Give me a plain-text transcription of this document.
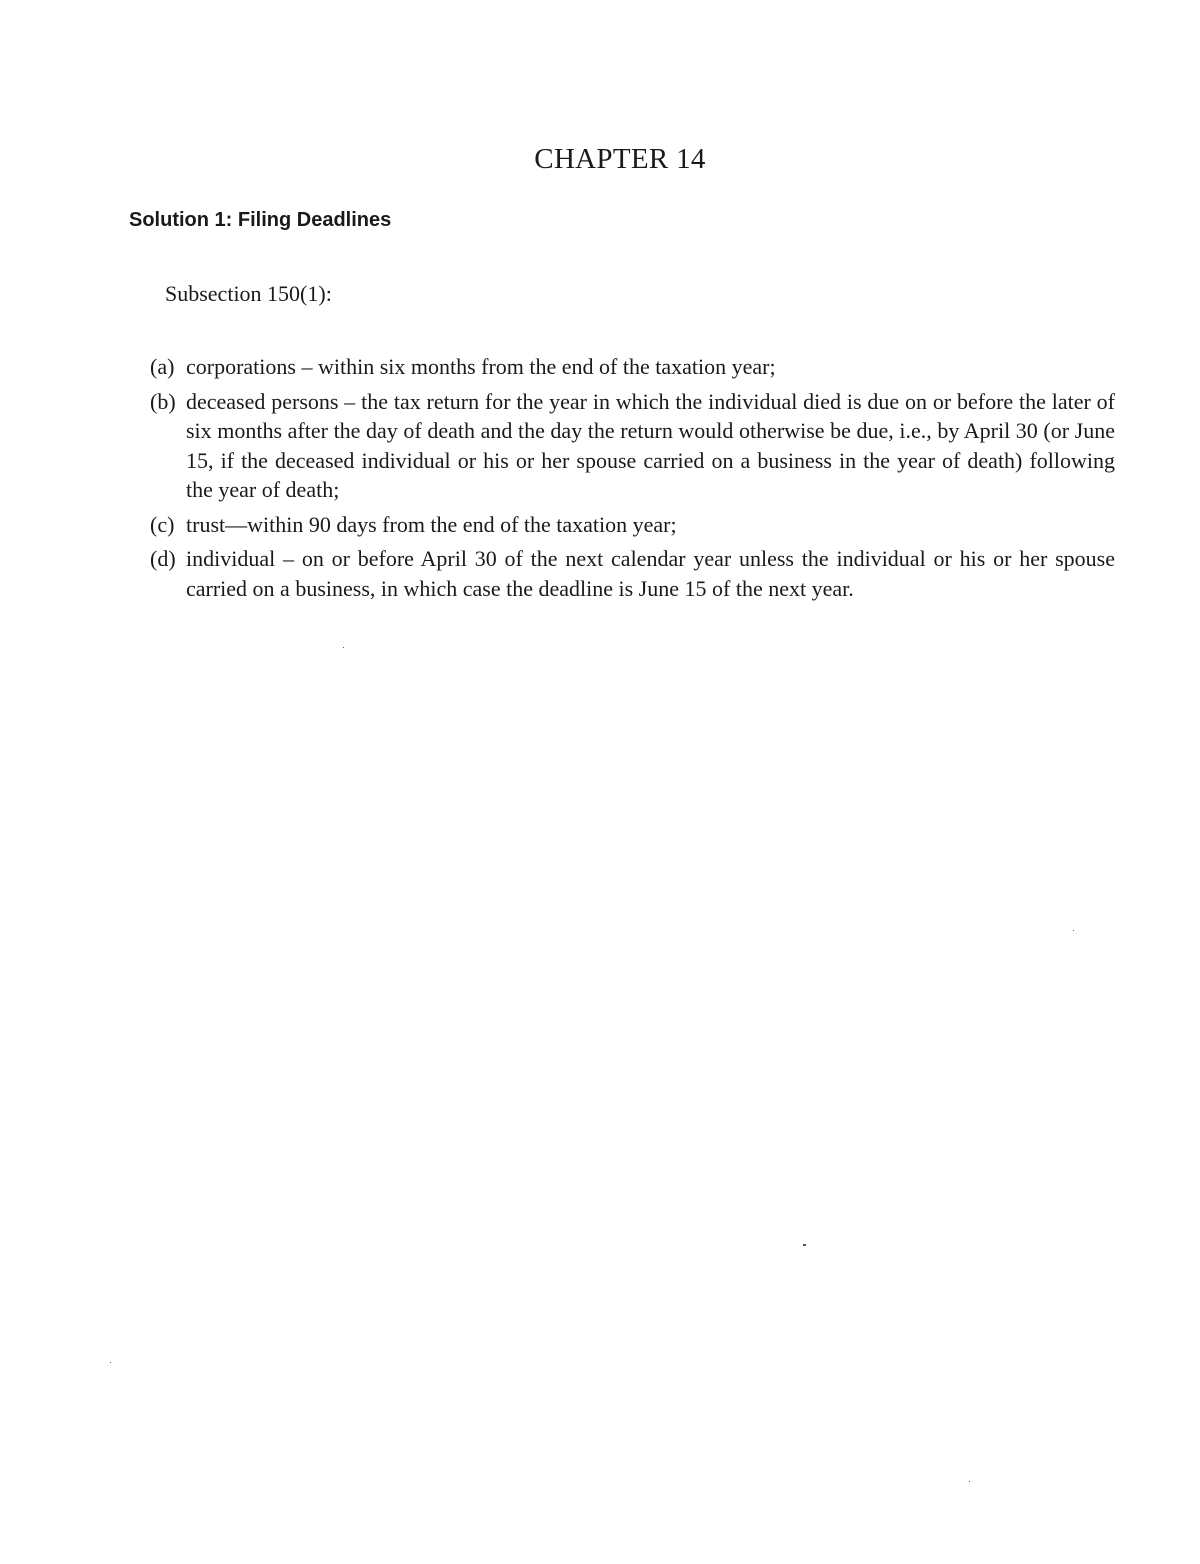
CHAPTER 14
Solution 1: Filing Deadlines
Subsection 150(1):
(a) corporations – within six months from the end of the taxation year;
(b) deceased persons – the tax return for the year in which the individual died is due on or before the later of six months after the day of death and the day the return would otherwise be due, i.e., by April 30 (or June 15, if the deceased individual or his or her spouse carried on a business in the year of death) following the year of death;
(c) trust—within 90 days from the end of the taxation year;
(d) individual – on or before April 30 of the next calendar year unless the individual or his or her spouse carried on a business, in which case the deadline is June 15 of the next year.
